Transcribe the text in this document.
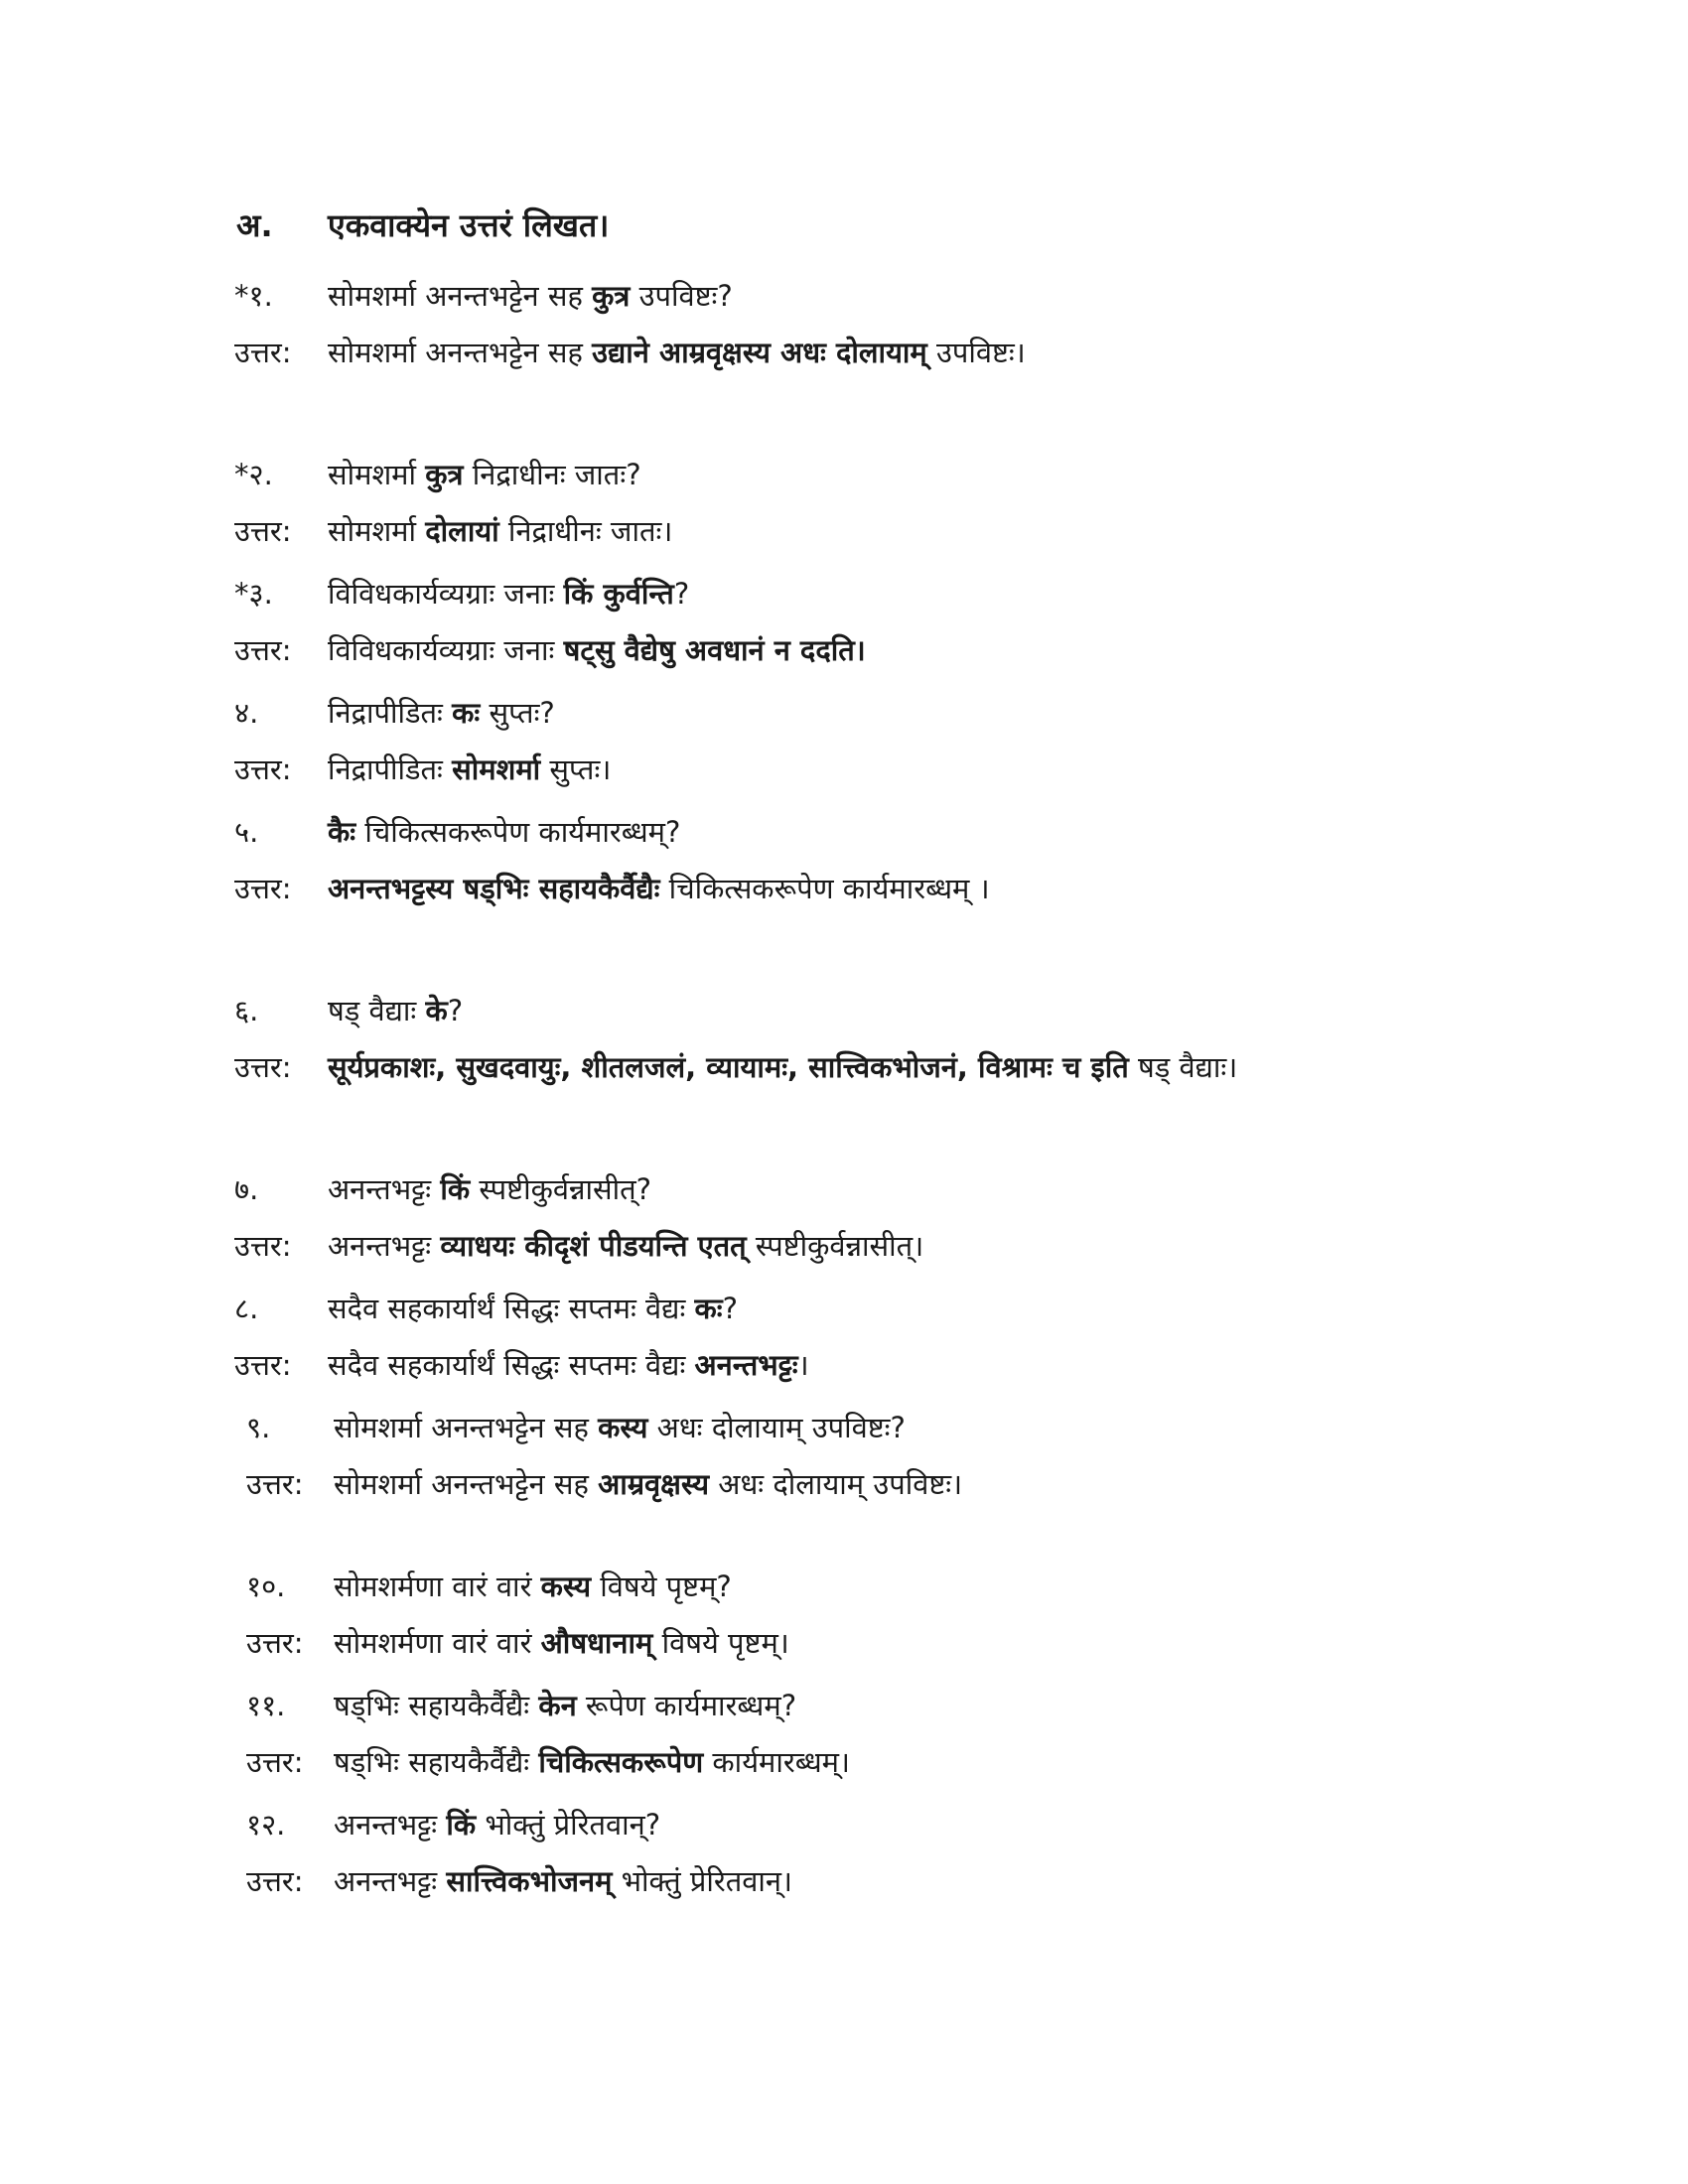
अ. एकवाक्येन उत्तरं लिखत।
*१.	सोमशर्मा अनन्तभट्टेन सह कुत्र उपविष्टः?
उत्तर:	सोमशर्मा अनन्तभट्टेन सह उद्याने आम्रवृक्षस्य अधः दोलायाम् उपविष्टः।
*२.	सोमशर्मा कुत्र निद्राधीनः जातः?
उत्तर:	सोमशर्मा दोलायां निद्राधीनः जातः।
*३.	विविधकार्यव्यग्राः जनाः किं कुर्वन्ति?
उत्तर:	विविधकार्यव्यग्राः जनाः षट्सु वैद्येषु अवधानं न ददति।
४.	निद्रापीडितः कः सुप्तः?
उत्तर:	निद्रापीडितः सोमशर्मा सुप्तः।
५.	कैः चिकित्सकरूपेण कार्यमारब्धम्?
उत्तर:	अनन्तभट्टस्य षड्भिः सहायकैर्वैद्यैः चिकित्सकरूपेण कार्यमारब्धम् ।
६.	षड् वैद्याः के?
उत्तर:	सूर्यप्रकाशः, सुखदवायुः, शीतलजलं, व्यायामः, सात्त्विकभोजनं, विश्रामः च इति षड् वैद्याः।
७.	अनन्तभट्टः किं स्पष्टीकुर्वन्नासीत्?
उत्तर:	अनन्तभट्टः व्याधयः कीदृशं पीडयन्ति एतत् स्पष्टीकुर्वन्नासीत्।
८.	सदैव सहकार्यार्थं सिद्धः सप्तमः वैद्यः कः?
उत्तर:	सदैव सहकार्यार्थं सिद्धः सप्तमः वैद्यः अनन्तभट्टः।
९.	सोमशर्मा अनन्तभट्टेन सह कस्य अधः दोलायाम् उपविष्टः?
उत्तर:	सोमशर्मा अनन्तभट्टेन सह आम्रवृक्षस्य अधः दोलायाम् उपविष्टः।
१०.	सोमशर्मणा वारं वारं कस्य विषये पृष्टम्?
उत्तर:	सोमशर्मणा वारं वारं औषधानाम् विषये पृष्टम्।
११.	षड्भिः सहायकैर्वैद्यैः केन रूपेण कार्यमारब्धम्?
उत्तर:	षड्भिः सहायकैर्वैद्यैः चिकित्सकरूपेण कार्यमारब्धम्।
१२.	अनन्तभट्टः किं भोक्तुं प्रेरितवान्?
उत्तर:	अनन्तभट्टः सात्त्विकभोजनम् भोक्तुं प्रेरितवान्।
